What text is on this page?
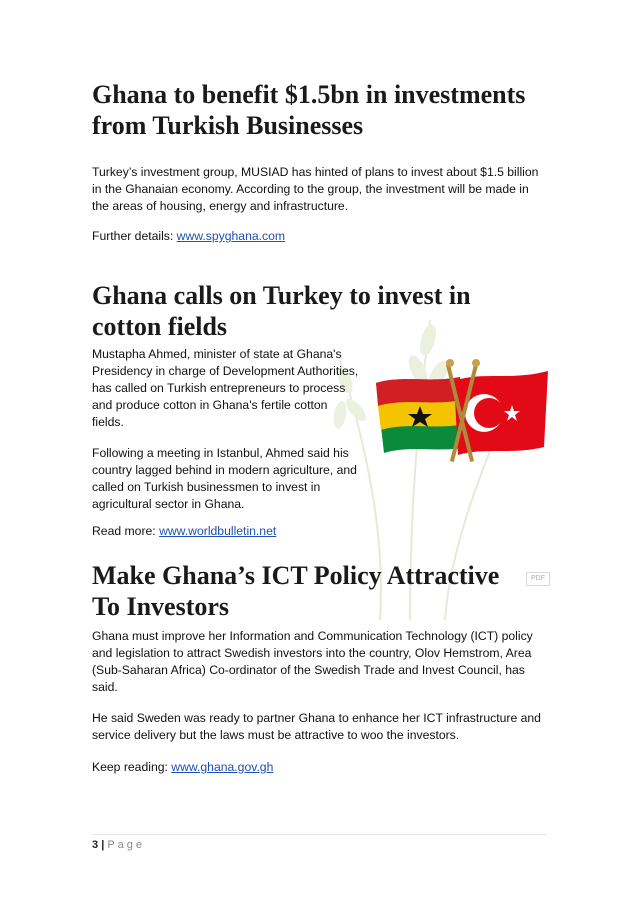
Ghana to benefit $1.5bn in investments from Turkish Businesses

Turkey’s investment group, MUSIAD has hinted of plans to invest about $1.5 billion in the Ghanaian economy. According to the group, the investment will be made in the areas of housing, energy and infrastructure.

Further details: www.spyghana.com

Ghana calls on Turkey to invest in cotton fields

Mustapha Ahmed, minister of state at Ghana's Presidency in charge of Development Authorities, has called on Turkish entrepreneurs to process and produce cotton in Ghana's fertile cotton fields.

Following a meeting in Istanbul, Ahmed said his country lagged behind in modern agriculture, and called on Turkish businessmen to invest in agricultural sector in Ghana.

Read more: www.worldbulletin.net

Make Ghana’s ICT Policy Attractive To Investors
PDF

Ghana must improve her Information and Communication Technology (ICT) policy and legislation to attract Swedish investors into the country, Olov Hemstrom, Area (Sub-Saharan Africa) Co-ordinator of the Swedish Trade and Invest Council, has said.

He said Sweden was ready to partner Ghana to enhance her ICT infrastructure and service delivery but the laws must be attractive to woo the investors.

Keep reading: www.ghana.gov.gh

3 | Page
